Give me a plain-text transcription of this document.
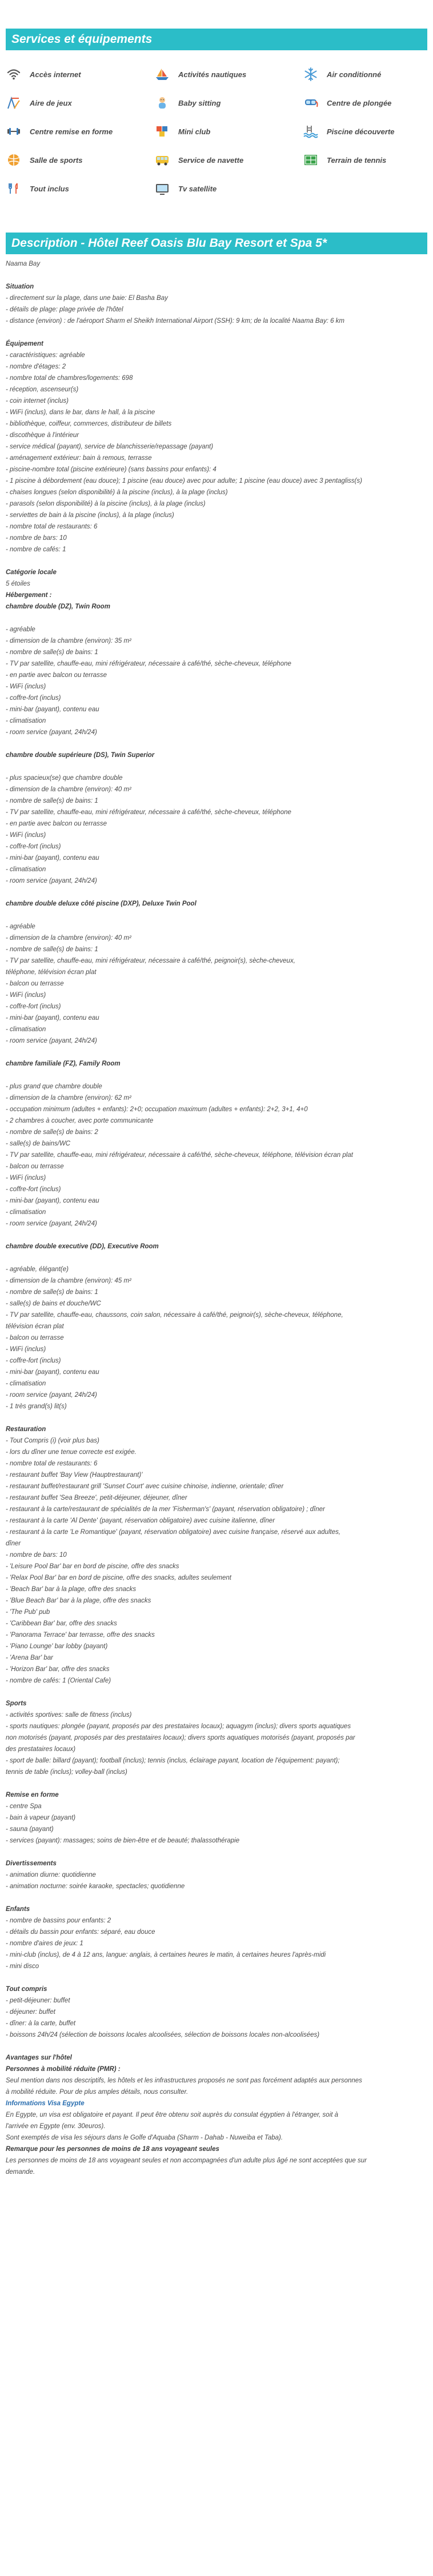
Services et équipements
Accès internet	Activités nautiques	Air conditionné
Aire de jeux	Baby sitting	Centre de plongée
Centre remise en forme	Mini club	Piscine découverte
Salle de sports	Service de navette	Terrain de tennis
Tout inclus	Tv satellite
Description - Hôtel Reef Oasis Blu Bay Resort et Spa 5*
Naama Bay
Situation
- directement sur la plage, dans une baie: El Basha Bay
- détails de plage: plage privée de l'hôtel
- distance (environ) : de l'aéroport Sharm el Sheikh International Airport (SSH): 9 km; de la localité Naama Bay: 6 km
Équipement
- caractéristiques: agréable
- nombre d'étages: 2
- nombre total de chambres/logements: 698
- réception, ascenseur(s)
- coin internet (inclus)
- WiFi (inclus), dans le bar, dans le hall, à la piscine
- bibliothèque, coiffeur, commerces, distributeur de billets
- discothèque à l'intérieur
- service médical (payant), service de blanchisserie/repassage (payant)
- aménagement extérieur: bain à remous, terrasse
- piscine-nombre total (piscine extérieure) (sans bassins pour enfants): 4
- 1 piscine à débordement (eau douce); 1 piscine (eau douce) avec pour adulte; 1 piscine (eau douce) avec 3 pentagliss(s)
- chaises longues (selon disponibilité) à la piscine (inclus), à la plage (inclus)
- parasols (selon disponibilité) à la piscine (inclus), à la plage (inclus)
- serviettes de bain à la piscine (inclus), à la plage (inclus)
- nombre total de restaurants: 6
- nombre de bars: 10
- nombre de cafés: 1
Catégorie locale
5 étoiles
Hébergement :
chambre double (DZ), Twin Room
- agréable
- dimension de la chambre (environ): 35 m²
- nombre de salle(s) de bains: 1
- TV par satellite, chauffe-eau, mini réfrigérateur, nécessaire à café/thé, sèche-cheveux, téléphone
- en partie avec balcon ou terrasse
- WiFi (inclus)
- coffre-fort (inclus)
- mini-bar (payant), contenu eau
- climatisation
- room service (payant, 24h/24)
chambre double supérieure (DS), Twin Superior
- plus spacieux(se) que chambre double
- dimension de la chambre (environ): 40 m²
- nombre de salle(s) de bains: 1
- TV par satellite, chauffe-eau, mini réfrigérateur, nécessaire à café/thé, sèche-cheveux, téléphone
- en partie avec balcon ou terrasse
- WiFi (inclus)
- coffre-fort (inclus)
- mini-bar (payant), contenu eau
- climatisation
- room service (payant, 24h/24)
chambre double deluxe côté piscine (DXP), Deluxe Twin Pool
- agréable
- dimension de la chambre (environ): 40 m²
- nombre de salle(s) de bains: 1
- TV par satellite, chauffe-eau, mini réfrigérateur, nécessaire à café/thé, peignoir(s), sèche-cheveux,
téléphone, télévision écran plat
- balcon ou terrasse
- WiFi (inclus)
- coffre-fort (inclus)
- mini-bar (payant), contenu eau
- climatisation
- room service (payant, 24h/24)
chambre familiale (FZ), Family Room
- plus grand que chambre double
- dimension de la chambre (environ): 62 m²
- occupation minimum (adultes + enfants): 2+0; occupation maximum (adultes + enfants): 2+2, 3+1, 4+0
- 2 chambres à coucher, avec porte communicante
- nombre de salle(s) de bains: 2
- salle(s) de bains/WC
- TV par satellite, chauffe-eau, mini réfrigérateur, nécessaire à café/thé, sèche-cheveux, téléphone, télévision écran plat
- balcon ou terrasse
- WiFi (inclus)
- coffre-fort (inclus)
- mini-bar (payant), contenu eau
- climatisation
- room service (payant, 24h/24)
chambre double executive (DD), Executive Room
- agréable, élégant(e)
- dimension de la chambre (environ): 45 m²
- nombre de salle(s) de bains: 1
- salle(s) de bains et douche/WC
- TV par satellite, chauffe-eau, chaussons, coin salon, nécessaire à café/thé, peignoir(s), sèche-cheveux, téléphone,
télévision écran plat
- balcon ou terrasse
- WiFi (inclus)
- coffre-fort (inclus)
- mini-bar (payant), contenu eau
- climatisation
- room service (payant, 24h/24)
- 1 très grand(s) lit(s)
Restauration
- Tout Compris (i) (voir plus bas)
- lors du dîner une tenue correcte est exigée.
- nombre total de restaurants: 6
- restaurant buffet 'Bay View (Hauptrestaurant)'
- restaurant buffet/restaurant grill 'Sunset Court' avec cuisine chinoise, indienne, orientale; dîner
- restaurant buffet 'Sea Breeze', petit-déjeuner, déjeuner, dîner
- restaurant à la carte/restaurant de spécialités de la mer 'Fisherman's' (payant, réservation obligatoire) ; dîner
- restaurant à la carte 'Al Dente' (payant, réservation obligatoire) avec cuisine italienne, dîner
- restaurant à la carte 'Le Romantique' (payant, réservation obligatoire) avec cuisine française, réservé aux adultes,
dîner
- nombre de bars: 10
- 'Leisure Pool Bar' bar en bord de piscine, offre des snacks
- 'Relax Pool Bar' bar en bord de piscine, offre des snacks, adultes seulement
- 'Beach Bar' bar à la plage, offre des snacks
- 'Blue Beach Bar' bar à la plage, offre des snacks
- 'The Pub' pub
- 'Caribbean Bar' bar, offre des snacks
- 'Panorama Terrace' bar terrasse, offre des snacks
- 'Piano Lounge' bar lobby (payant)
- 'Arena Bar' bar
- 'Horizon Bar' bar, offre des snacks
- nombre de cafés: 1 (Oriental Cafe)
Sports
- activités sportives: salle de fitness (inclus)
- sports nautiques: plongée (payant, proposés par des prestataires locaux); aquagym (inclus); divers sports aquatiques
non motorisés (payant, proposés par des prestataires locaux); divers sports aquatiques motorisés (payant, proposés par
des prestataires locaux)
- sport de balle: billard (payant); football (inclus); tennis (inclus, éclairage payant, location de l'équipement: payant);
tennis de table (inclus); volley-ball (inclus)
Remise en forme
- centre Spa
- bain à vapeur (payant)
- sauna (payant)
- services (payant): massages; soins de bien-être et de beauté; thalassothérapie
Divertissements
- animation diurne: quotidienne
- animation nocturne: soirée karaoke, spectacles; quotidienne
Enfants
- nombre de bassins pour enfants: 2
- détails du bassin pour enfants: séparé, eau douce
- nombre d'aires de jeux: 1
- mini-club (inclus), de 4 à 12 ans, langue: anglais, à certaines heures le matin, à certaines heures l'après-midi
- mini disco
Tout compris
- petit-déjeuner: buffet
- déjeuner: buffet
- dîner: à la carte, buffet
- boissons 24h/24 (sélection de boissons locales alcoolisées, sélection de boissons locales non-alcoolisées)
Avantages sur l'hôtel
Personnes à mobilité réduite (PMR) :
Seul mention dans nos descriptifs, les hôtels et les infrastructures proposés ne sont pas forcément adaptés aux personnes
à mobilité réduite. Pour de plus amples détails, nous consulter.
Informations Visa Egypte
En Egypte, un visa est obligatoire et payant. Il peut être obtenu soit auprès du consulat égyptien à l'étranger, soit à
l'arrivée en Egypte (env. 30euros).
Sont exemptés de visa les séjours dans le Golfe d'Aquaba (Sharm - Dahab - Nuweiba et Taba).
Remarque pour les personnes de moins de 18 ans voyageant seules
Les personnes de moins de 18 ans voyageant seules et non accompagnées d'un adulte plus âgé ne sont acceptées que sur
demande.
